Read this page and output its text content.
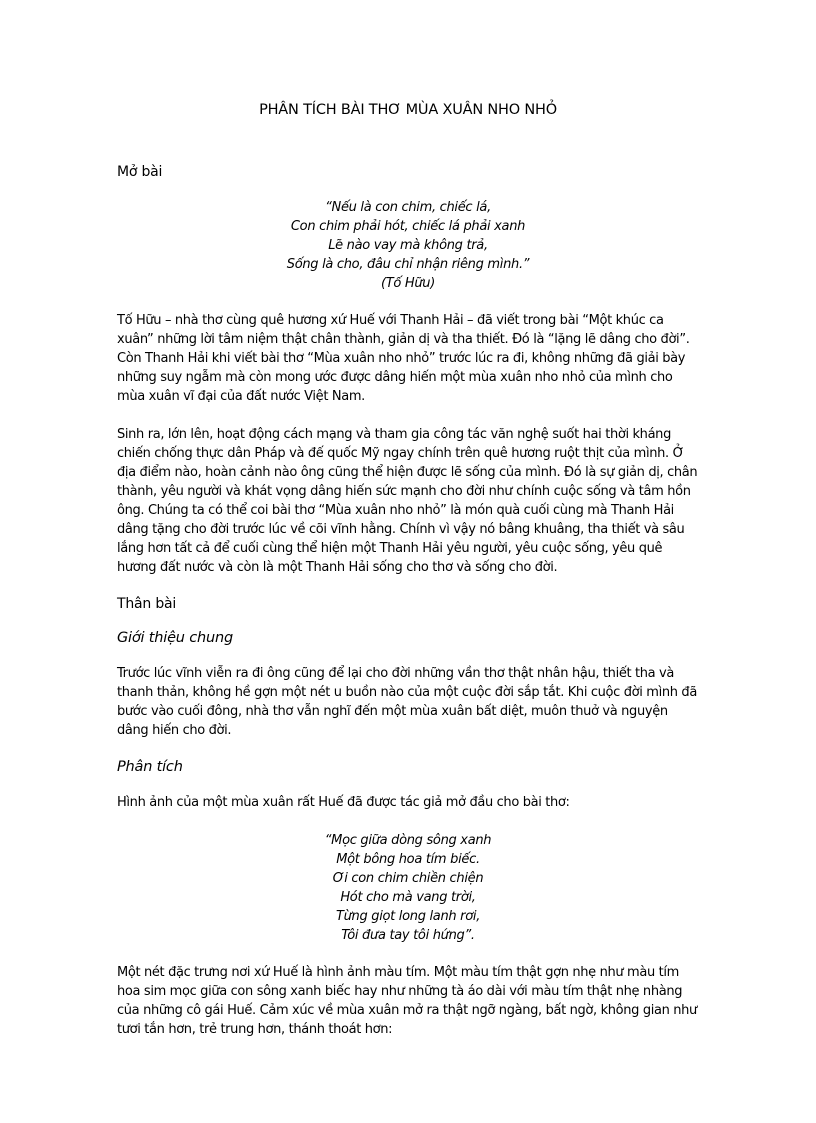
PHÂN TÍCH BÀI THƠ MÙA XUÂN NHO NHỎ
Mở bài
“Nếu là con chim, chiếc lá,
Con chim phải hót, chiếc lá phải xanh
Lẽ nào vay mà không trả,
Sống là cho, đâu chỉ nhận riêng mình.”
(Tố Hữu)

Tố Hữu – nhà thơ cùng quê hương xứ Huế với Thanh Hải – đã viết trong bài “Một khúc ca xuân” những lời tâm niệm thật chân thành, giản dị và tha thiết. Đó là “lặng lẽ dâng cho đời”. Còn Thanh Hải khi viết bài thơ “Mùa xuân nho nhỏ” trước lúc ra đi, không những đã giải bày những suy ngẫm mà còn mong ước được dâng hiến một mùa xuân nho nhỏ của mình cho mùa xuân vĩ đại của đất nước Việt Nam.

Sinh ra, lớn lên, hoạt động cách mạng và tham gia công tác văn nghệ suốt hai thời kháng chiến chống thực dân Pháp và đế quốc Mỹ ngay chính trên quê hương ruột thịt của mình. Ở địa điểm nào, hoàn cảnh nào ông cũng thể hiện được lẽ sống của mình. Đó là sự giản dị, chân thành, yêu người và khát vọng dâng hiến sức mạnh cho đời như chính cuộc sống và tâm hồn ông. Chúng ta có thể coi bài thơ “Mùa xuân nho nhỏ” là món quà cuối cùng mà Thanh Hải dâng tặng cho đời trước lúc về cõi vĩnh hằng. Chính vì vậy nó bâng khuâng, tha thiết và sâu lắng hơn tất cả để cuối cùng thể hiện một Thanh Hải yêu người, yêu cuộc sống, yêu quê hương đất nước và còn là một Thanh Hải sống cho thơ và sống cho đời.

Thân bài
Giới thiệu chung

Trước lúc vĩnh viễn ra đi ông cũng để lại cho đời những vần thơ thật nhân hậu, thiết tha và thanh thản, không hề gợn một nét u buồn nào của một cuộc đời sắp tắt. Khi cuộc đời mình đã bước vào cuối đông, nhà thơ vẫn nghĩ đến một mùa xuân bất diệt, muôn thuở và nguyện dâng hiến cho đời.

Phân tích

Hình ảnh của một mùa xuân rất Huế đã được tác giả mở đầu cho bài thơ:

“Mọc giữa dòng sông xanh
Một bông hoa tím biếc.
Ơi con chim chiền chiện
Hót cho mà vang trời,
Từng giọt long lanh rơi,
Tôi đưa tay tôi hứng”.

Một nét đặc trưng nơi xứ Huế là hình ảnh màu tím. Một màu tím thật gợn nhẹ như màu tím hoa sim mọc giữa con sông xanh biếc hay như những tà áo dài với màu tím thật nhẹ nhàng của những cô gái Huế. Cảm xúc về mùa xuân mở ra thật ngỡ ngàng, bất ngờ, không gian như tươi tắn hơn, trẻ trung hơn, thánh thoát hơn:
